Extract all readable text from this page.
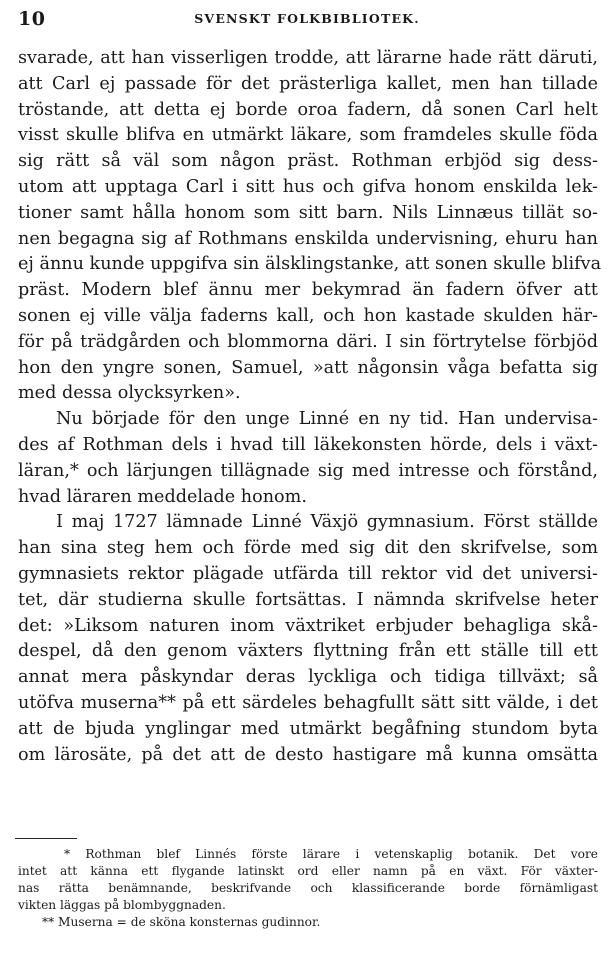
10	SVENSKT FOLKBIBLIOTEK.
svarade, att han visserligen trodde, att lärarne hade rätt däruti,
att Carl ej passade för det prästerliga kallet, men han tillade
tröstande, att detta ej borde oroa fadern, då sonen Carl helt
visst skulle blifva en utmärkt läkare, som framdeles skulle föda
sig rätt så väl som någon präst. Rothman erbjöd sig dess-
utom att upptaga Carl i sitt hus och gifva honom enskilda lek-
tioner samt hålla honom som sitt barn. Nils Linnæus tillät so-
nen begagna sig af Rothmans enskilda undervisning, ehuru han
ej ännu kunde uppgifva sin älsklingstanke, att sonen skulle blifva
präst. Modern blef ännu mer bekymrad än fadern öfver att
sonen ej ville välja faderns kall, och hon kastade skulden här-
för på trädgården och blommorna däri. I sin förtrytelse förbjöd
hon den yngre sonen, Samuel, »att någonsin våga befatta sig
med dessa olycksyrken».
Nu började för den unge Linné en ny tid. Han undervisa-
des af Rothman dels i hvad till läkekonsten hörde, dels i växt-
läran,* och lärjungen tillägnade sig med intresse och förstånd,
hvad läraren meddelade honom.
I maj 1727 lämnade Linné Växjö gymnasium. Först ställde
han sina steg hem och förde med sig dit den skrifvelse, som
gymnasiets rektor plägade utfärda till rektor vid det universi-
tet, där studierna skulle fortsättas. I nämnda skrifvelse heter
det: »Liksom naturen inom växtriket erbjuder behagliga skå-
despel, då den genom växters flyttning från ett ställe till ett
annat mera påskyndar deras lyckliga och tidiga tillväxt; så
utöfva muserna** på ett särdeles behagfullt sätt sitt välde, i det
att de bjuda ynglingar med utmärkt begåfning stundom byta
om lärosäte, på det att de desto hastigare må kunna omsätta
* Rothman blef Linnés förste lärare i vetenskaplig botanik. Det vore
intet att känna ett flygande latinskt ord eller namn på en växt. För växter-
nas rätta benämnande, beskrifvande och klassificerande borde förnämligast
vikten läggas på blombyggnaden.
** Muserna = de sköna konsternas gudinnor.
